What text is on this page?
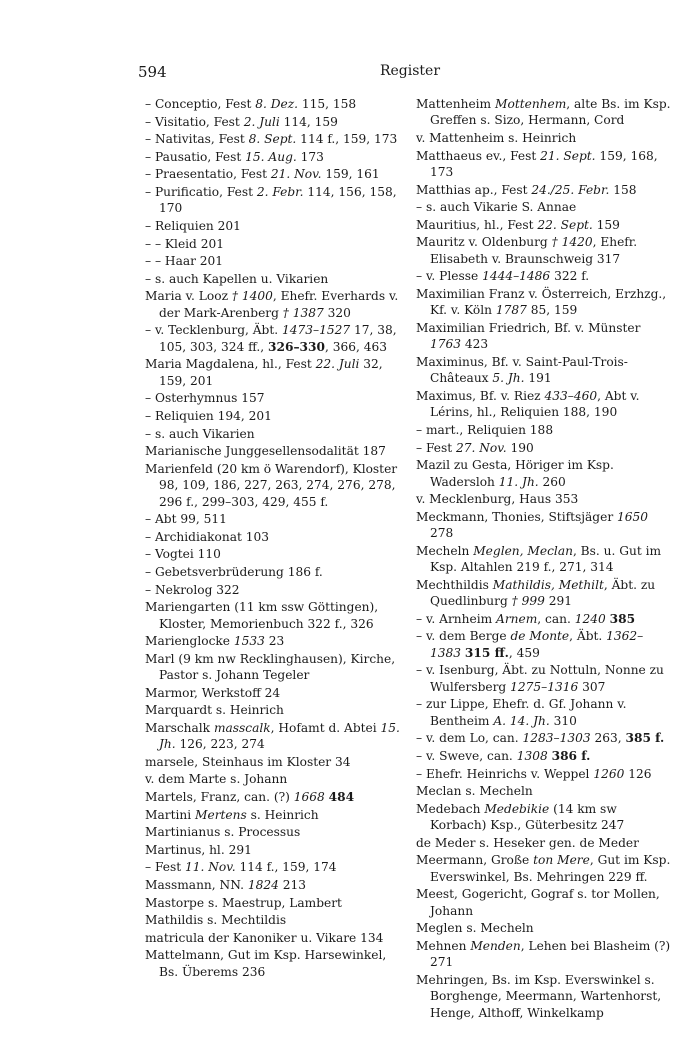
594	Register
– Conceptio, Fest 8. Dez. 115, 158
– Visitatio, Fest 2. Juli 114, 159
– Nativitas, Fest 8. Sept. 114 f., 159, 173
– Pausatio, Fest 15. Aug. 173
– Praesentatio, Fest 21. Nov. 159, 161
– Purificatio, Fest 2. Febr. 114, 156, 158, 170
– Reliquien 201
– – Kleid 201
– – Haar 201
– s. auch Kapellen u. Vikarien
Maria v. Looz † 1400, Ehefr. Everhards v. der Mark-Arenberg † 1387 320
– v. Tecklenburg, Äbt. 1473–1527 17, 38, 105, 303, 324 ff., 326–330, 366, 463
Maria Magdalena, hl., Fest 22. Juli 32, 159, 201
– Osterhymnus 157
– Reliquien 194, 201
– s. auch Vikarien
Marianische Junggesellensodalität 187
Marienfeld (20 km ö Warendorf), Kloster 98, 109, 186, 227, 263, 274, 276, 278, 296 f., 299–303, 429, 455 f.
– Abt 99, 511
– Archidiakonat 103
– Vogtei 110
– Gebetsverbrüderung 186 f.
– Nekrolog 322
Mariengarten (11 km ssw Göttingen), Kloster, Memorienbuch 322 f., 326
Marienglocke 1533 23
Marl (9 km nw Recklinghausen), Kirche, Pastor s. Johann Tegeler
Marmor, Werkstoff 24
Marquardt s. Heinrich
Marschalk masscalk, Hofamt d. Abtei 15. Jh. 126, 223, 274
marsele, Steinhaus im Kloster 34
v. dem Marte s. Johann
Martels, Franz, can. (?) 1668 484
Martini Mertens s. Heinrich
Martinianus s. Processus
Martinus, hl. 291
– Fest 11. Nov. 114 f., 159, 174
Massmann, NN. 1824 213
Mastorpe s. Maestrup, Lambert
Mathildis s. Mechtildis
matricula der Kanoniker u. Vikare 134
Mattelmann, Gut im Ksp. Harsewinkel, Bs. Überems 236
Mattenheim Mottenhem, alte Bs. im Ksp. Greffen s. Sizo, Hermann, Cord
v. Mattenheim s. Heinrich
Matthaeus ev., Fest 21. Sept. 159, 168, 173
Matthias ap., Fest 24./25. Febr. 158
– s. auch Vikarie S. Annae
Mauritius, hl., Fest 22. Sept. 159
Mauritz v. Oldenburg † 1420, Ehefr. Elisabeth v. Braunschweig 317
– v. Plesse 1444–1486 322 f.
Maximilian Franz v. Österreich, Erzhzg., Kf. v. Köln 1787 85, 159
Maximilian Friedrich, Bf. v. Münster 1763 423
Maximinus, Bf. v. Saint-Paul-Trois-Châteaux 5. Jh. 191
Maximus, Bf. v. Riez 433–460, Abt v. Lérins, hl., Reliquien 188, 190
– mart., Reliquien 188
– Fest 27. Nov. 190
Mazil zu Gesta, Höriger im Ksp. Wadersloh 11. Jh. 260
v. Mecklenburg, Haus 353
Meckmann, Thonies, Stiftsjäger 1650 278
Mecheln Meglen, Meclan, Bs. u. Gut im Ksp. Altahlen 219 f., 271, 314
Mechthildis Mathildis, Methilt, Äbt. zu Quedlinburg † 999 291
– v. Arnheim Arnem, can. 1240 385
– v. dem Berge de Monte, Äbt. 1362–1383 315 ff., 459
– v. Isenburg, Äbt. zu Nottuln, Nonne zu Wulfersberg 1275–1316 307
– zur Lippe, Ehefr. d. Gf. Johann v. Bentheim A. 14. Jh. 310
– v. dem Lo, can. 1283–1303 263, 385 f.
– v. Sweve, can. 1308 386 f.
– Ehefr. Heinrichs v. Weppel 1260 126
Meclan s. Mecheln
Medebach Medebikie (14 km sw Korbach) Ksp., Güterbesitz 247
de Meder s. Heseker gen. de Meder
Meermann, Große ton Mere, Gut im Ksp. Everswinkel, Bs. Mehringen 229 ff.
Meest, Gogericht, Gograf s. tor Mollen, Johann
Meglen s. Mecheln
Mehnen Menden, Lehen bei Blasheim (?) 271
Mehringen, Bs. im Ksp. Everswinkel s. Borghenge, Meermann, Wartenhorst, Henge, Althoff, Winkelkamp
